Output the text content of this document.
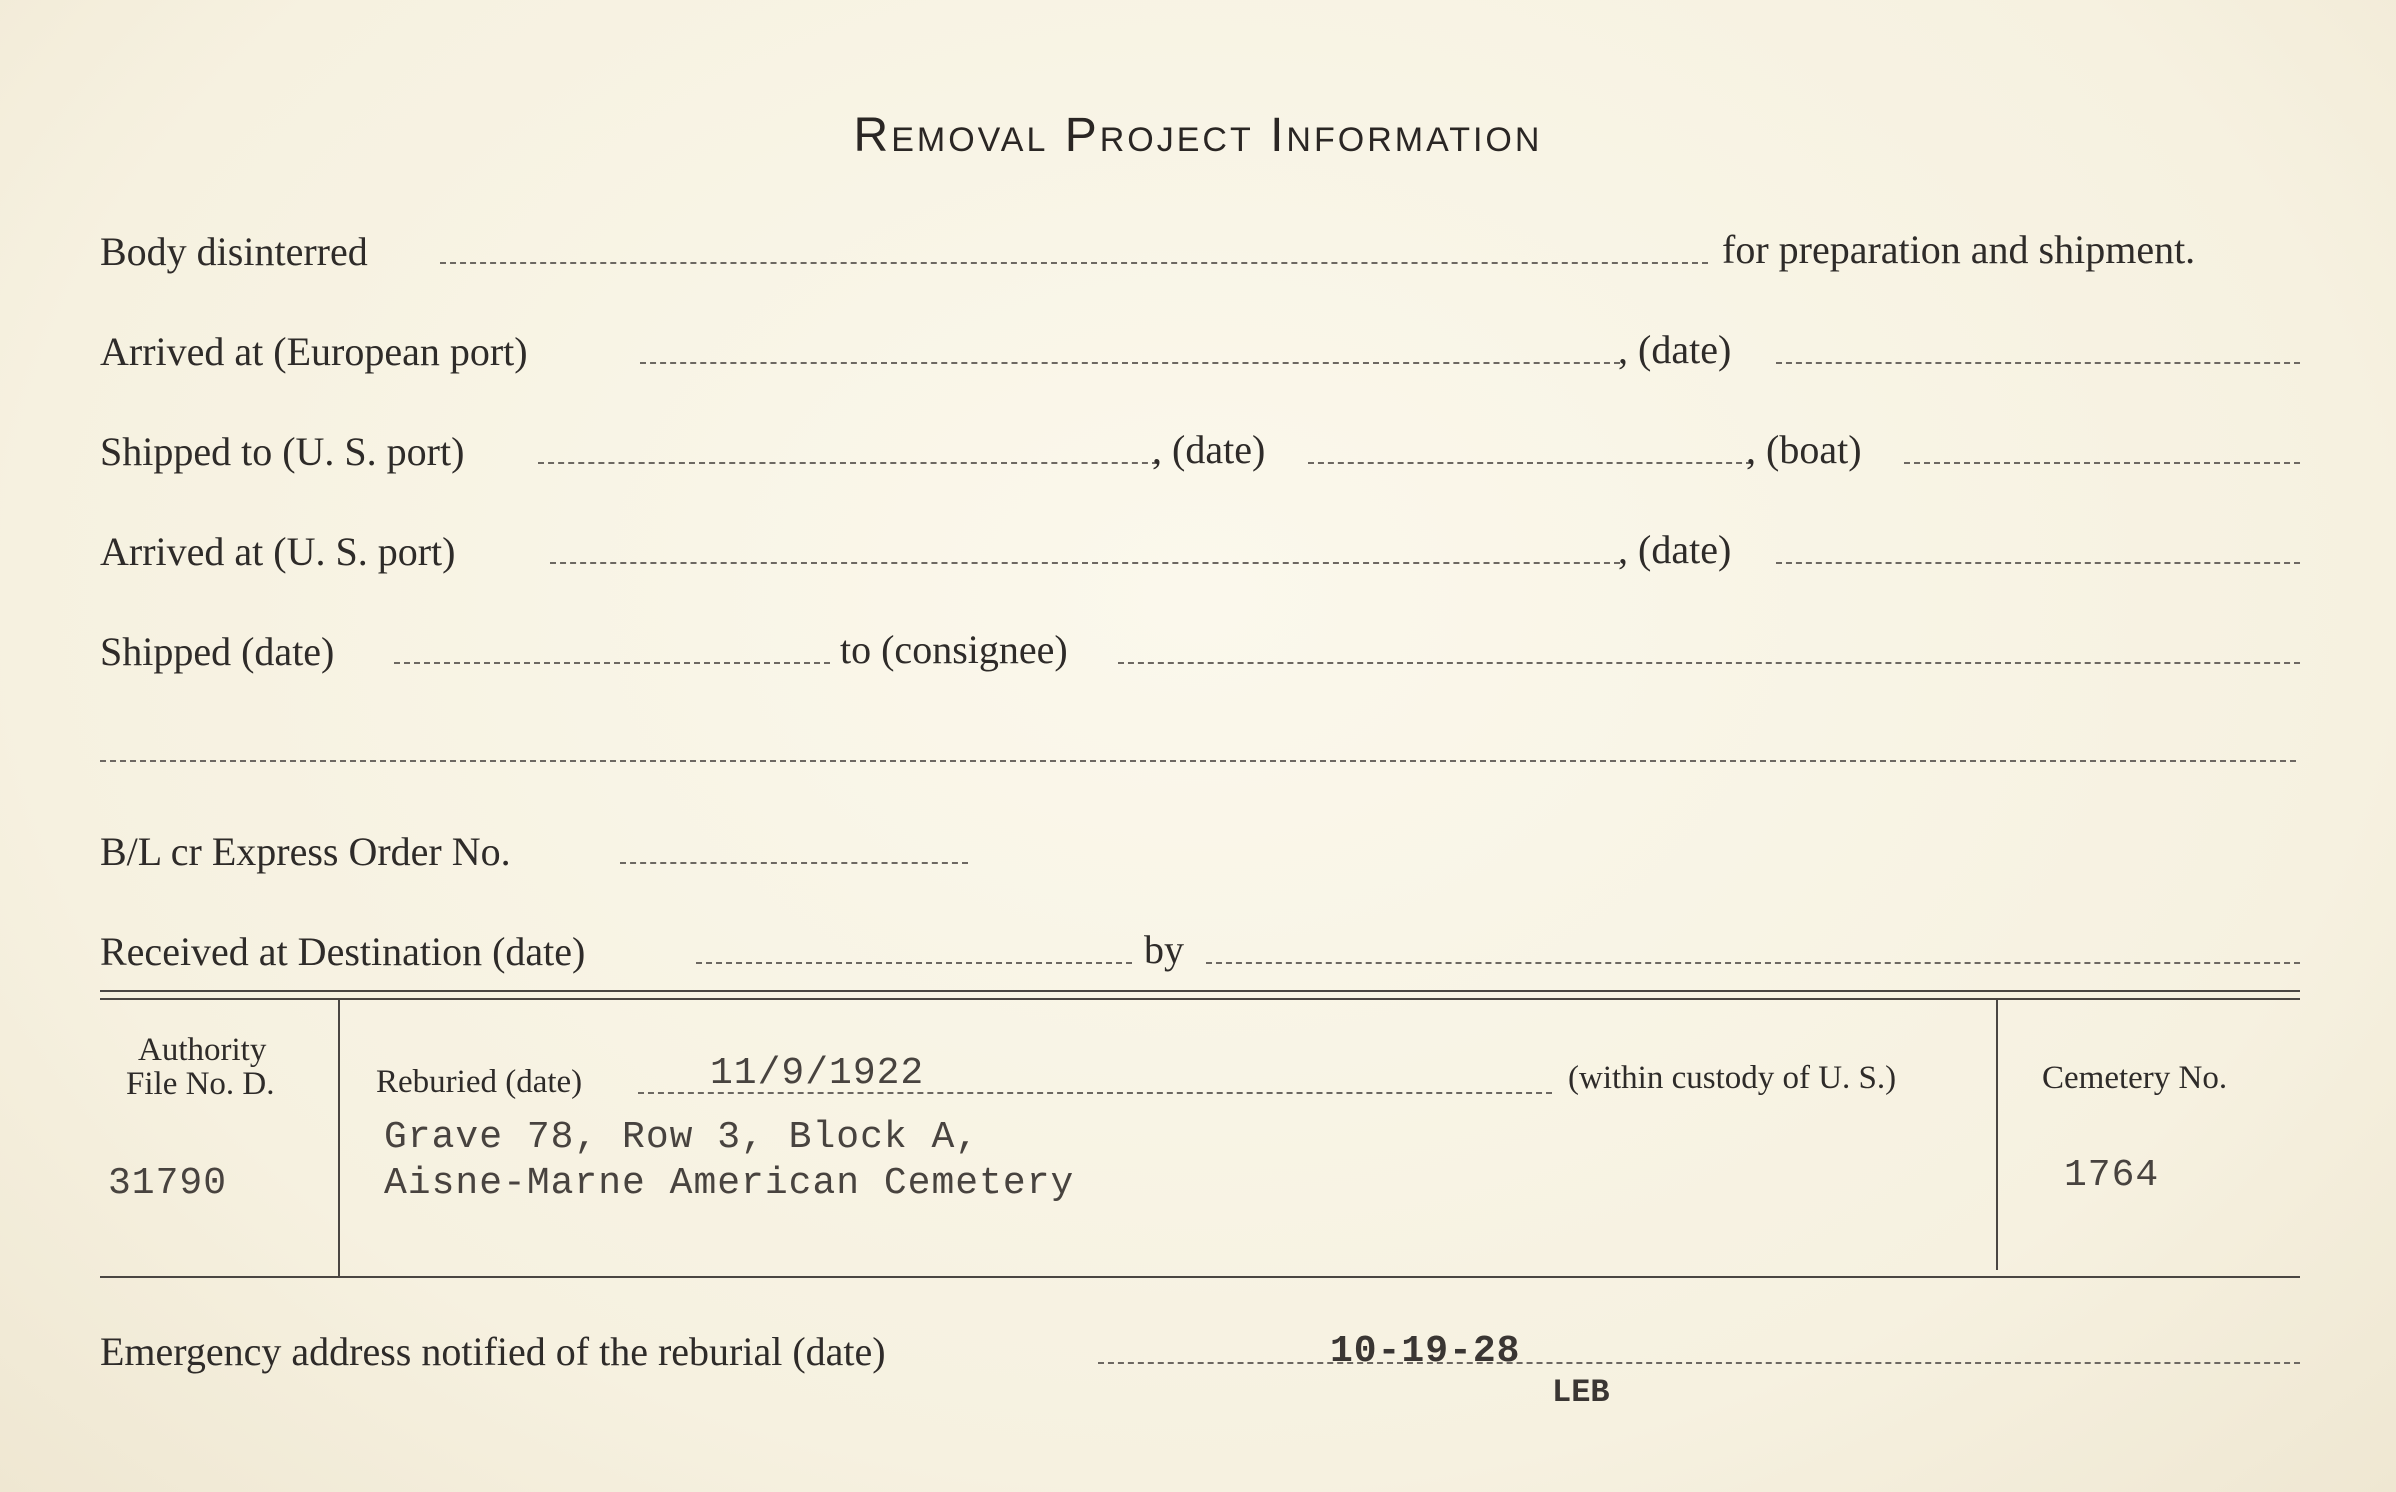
Removal Project Information
Body disinterred	for preparation and shipment.
Arrived at (European port)	, (date)
Shipped to (U. S. port)	, (date)	, (boat)
Arrived at (U. S. port)	, (date)
Shipped (date)	to (consignee)
B/L cr Express Order No.
Received at Destination (date)	by
Authority
File No. D.
31790
Reburied (date)	11/9/1922	(within custody of U. S.)
Grave 78, Row 3, Block A,
Aisne-Marne American Cemetery
Cemetery No.
1764
Emergency address notified of the reburial (date)	10-19-28
LEB
